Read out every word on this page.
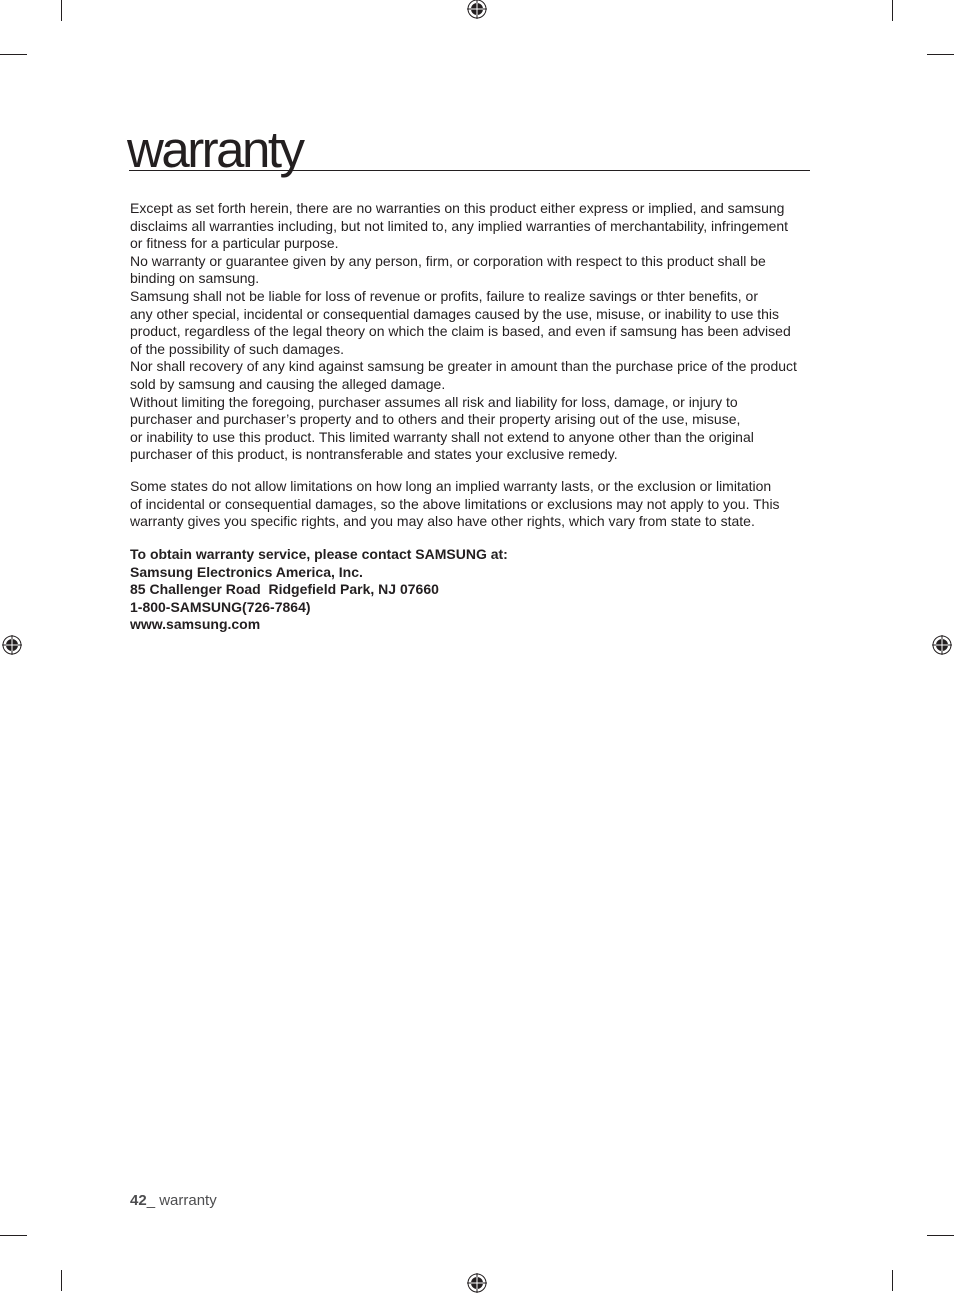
warranty
Except as set forth herein, there are no warranties on this product either express or implied, and samsung
disclaims all warranties including, but not limited to, any implied warranties of merchantability, infringement
or fitness for a particular purpose.
No warranty or guarantee given by any person, firm, or corporation with respect to this product shall be
binding on samsung.
Samsung shall not be liable for loss of revenue or profits, failure to realize savings or thter benefits, or
any other special, incidental or consequential damages caused by the use, misuse, or inability to use this
product, regardless of the legal theory on which the claim is based, and even if samsung has been advised
of the possibility of such damages.
Nor shall recovery of any kind against samsung be greater in amount than the purchase price of the product
sold by samsung and causing the alleged damage.
Without limiting the foregoing, purchaser assumes all risk and liability for loss, damage, or injury to
purchaser and purchaser’s property and to others and their property arising out of the use, misuse,
or inability to use this product. This limited warranty shall not extend to anyone other than the original
purchaser of this product, is nontransferable and states your exclusive remedy.
Some states do not allow limitations on how long an implied warranty lasts, or the exclusion or limitation
of incidental or consequential damages, so the above limitations or exclusions may not apply to you. This
warranty gives you specific rights, and you may also have other rights, which vary from state to state.
To obtain warranty service, please contact SAMSUNG at:
Samsung Electronics America, Inc.
85 Challenger Road  Ridgefield Park, NJ 07660
1-800-SAMSUNG(726-7864)
www.samsung.com
42_ warranty
